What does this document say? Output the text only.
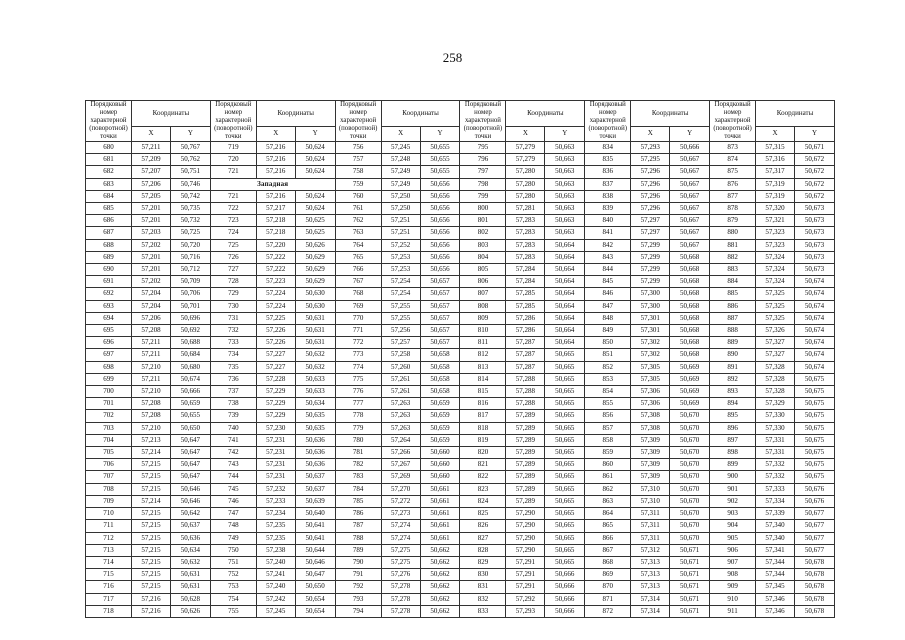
258
Порядковый номер характерной (поворотной) точки	Координаты		Порядковый номер характерной (поворотной) точки	Координаты		Порядковый номер характерной (поворотной) точки	Координаты		Порядковый номер характерной (поворотной) точки	Координаты		Порядковый номер характерной (поворотной) точки	Координаты		Порядковый номер характерной (поворотной) точки	Координаты	
	X	Y		X	Y		X	Y		X	Y		X	Y		X	Y
680	57,211	50,767	719	57,216	50,624	756	57,245	50,655	795	57,279	50,663	834	57,293	50,666	873	57,315	50,671
681	57,209	50,762	720	57,216	50,624	757	57,248	50,655	796	57,279	50,663	835	57,295	50,667	874	57,316	50,672
682	57,207	50,751	721	57,216	50,624	758	57,249	50,655	797	57,280	50,663	836	57,296	50,667	875	57,317	50,672
683	57,206	50,746	Западная			759	57,249	50,656	798	57,280	50,663	837	57,296	50,667	876	57,319	50,672
684	57,205	50,742	721	57,216	50,624	760	57,250	50,656	799	57,280	50,663	838	57,296	50,667	877	57,319	50,672
685	57,201	50,735	722	57,217	50,624	761	57,250	50,656	800	57,281	50,663	839	57,296	50,667	878	57,320	50,673
686	57,201	50,732	723	57,218	50,625	762	57,251	50,656	801	57,283	50,663	840	57,297	50,667	879	57,321	50,673
687	57,203	50,725	724	57,218	50,625	763	57,251	50,656	802	57,283	50,663	841	57,297	50,667	880	57,323	50,673
688	57,202	50,720	725	57,220	50,626	764	57,252	50,656	803	57,283	50,664	842	57,299	50,667	881	57,323	50,673
689	57,201	50,716	726	57,222	50,629	765	57,253	50,656	804	57,283	50,664	843	57,299	50,668	882	57,324	50,673
690	57,201	50,712	727	57,222	50,629	766	57,253	50,656	805	57,284	50,664	844	57,299	50,668	883	57,324	50,673
691	57,202	50,709	728	57,223	50,629	767	57,254	50,657	806	57,284	50,664	845	57,299	50,668	884	57,324	50,674
692	57,204	50,706	729	57,224	50,630	768	57,254	50,657	807	57,285	50,664	846	57,300	50,668	885	57,325	50,674
693	57,204	50,701	730	57,224	50,630	769	57,255	50,657	808	57,285	50,664	847	57,300	50,668	886	57,325	50,674
694	57,206	50,696	731	57,225	50,631	770	57,255	50,657	809	57,286	50,664	848	57,301	50,668	887	57,325	50,674
695	57,208	50,692	732	57,226	50,631	771	57,256	50,657	810	57,286	50,664	849	57,301	50,668	888	57,326	50,674
696	57,211	50,688	733	57,226	50,631	772	57,257	50,657	811	57,287	50,664	850	57,302	50,668	889	57,327	50,674
697	57,211	50,684	734	57,227	50,632	773	57,258	50,658	812	57,287	50,665	851	57,302	50,668	890	57,327	50,674
698	57,210	50,680	735	57,227	50,632	774	57,260	50,658	813	57,287	50,665	852	57,305	50,669	891	57,328	50,674
699	57,211	50,674	736	57,228	50,633	775	57,261	50,658	814	57,288	50,665	853	57,305	50,669	892	57,328	50,675
700	57,210	50,666	737	57,229	50,633	776	57,261	50,658	815	57,288	50,665	854	57,306	50,669	893	57,328	50,675
701	57,208	50,659	738	57,229	50,634	777	57,263	50,659	816	57,288	50,665	855	57,306	50,669	894	57,329	50,675
702	57,208	50,655	739	57,229	50,635	778	57,263	50,659	817	57,289	50,665	856	57,308	50,670	895	57,330	50,675
703	57,210	50,650	740	57,230	50,635	779	57,263	50,659	818	57,289	50,665	857	57,308	50,670	896	57,330	50,675
704	57,213	50,647	741	57,231	50,636	780	57,264	50,659	819	57,289	50,665	858	57,309	50,670	897	57,331	50,675
705	57,214	50,647	742	57,231	50,636	781	57,266	50,660	820	57,289	50,665	859	57,309	50,670	898	57,331	50,675
706	57,215	50,647	743	57,231	50,636	782	57,267	50,660	821	57,289	50,665	860	57,309	50,670	899	57,332	50,675
707	57,215	50,647	744	57,231	50,637	783	57,269	50,660	822	57,289	50,665	861	57,309	50,670	900	57,332	50,675
708	57,215	50,646	745	57,232	50,637	784	57,270	50,661	823	57,289	50,665	862	57,310	50,670	901	57,333	50,676
709	57,214	50,646	746	57,233	50,639	785	57,272	50,661	824	57,289	50,665	863	57,310	50,670	902	57,334	50,676
710	57,215	50,642	747	57,234	50,640	786	57,273	50,661	825	57,290	50,665	864	57,311	50,670	903	57,339	50,677
711	57,215	50,637	748	57,235	50,641	787	57,274	50,661	826	57,290	50,665	865	57,311	50,670	904	57,340	50,677
712	57,215	50,636	749	57,235	50,641	788	57,274	50,661	827	57,290	50,665	866	57,311	50,670	905	57,340	50,677
713	57,215	50,634	750	57,238	50,644	789	57,275	50,662	828	57,290	50,665	867	57,312	50,671	906	57,341	50,677
714	57,215	50,632	751	57,240	50,646	790	57,275	50,662	829	57,291	50,665	868	57,313	50,671	907	57,344	50,678
715	57,215	50,631	752	57,241	50,647	791	57,276	50,662	830	57,291	50,666	869	57,313	50,671	908	57,344	50,678
716	57,215	50,631	753	57,240	50,650	792	57,278	50,662	831	57,291	50,666	870	57,313	50,671	909	57,345	50,678
717	57,216	50,628	754	57,242	50,654	793	57,278	50,662	832	57,292	50,666	871	57,314	50,671	910	57,346	50,678
718	57,216	50,626	755	57,245	50,654	794	57,278	50,662	833	57,293	50,666	872	57,314	50,671	911	57,346	50,678
